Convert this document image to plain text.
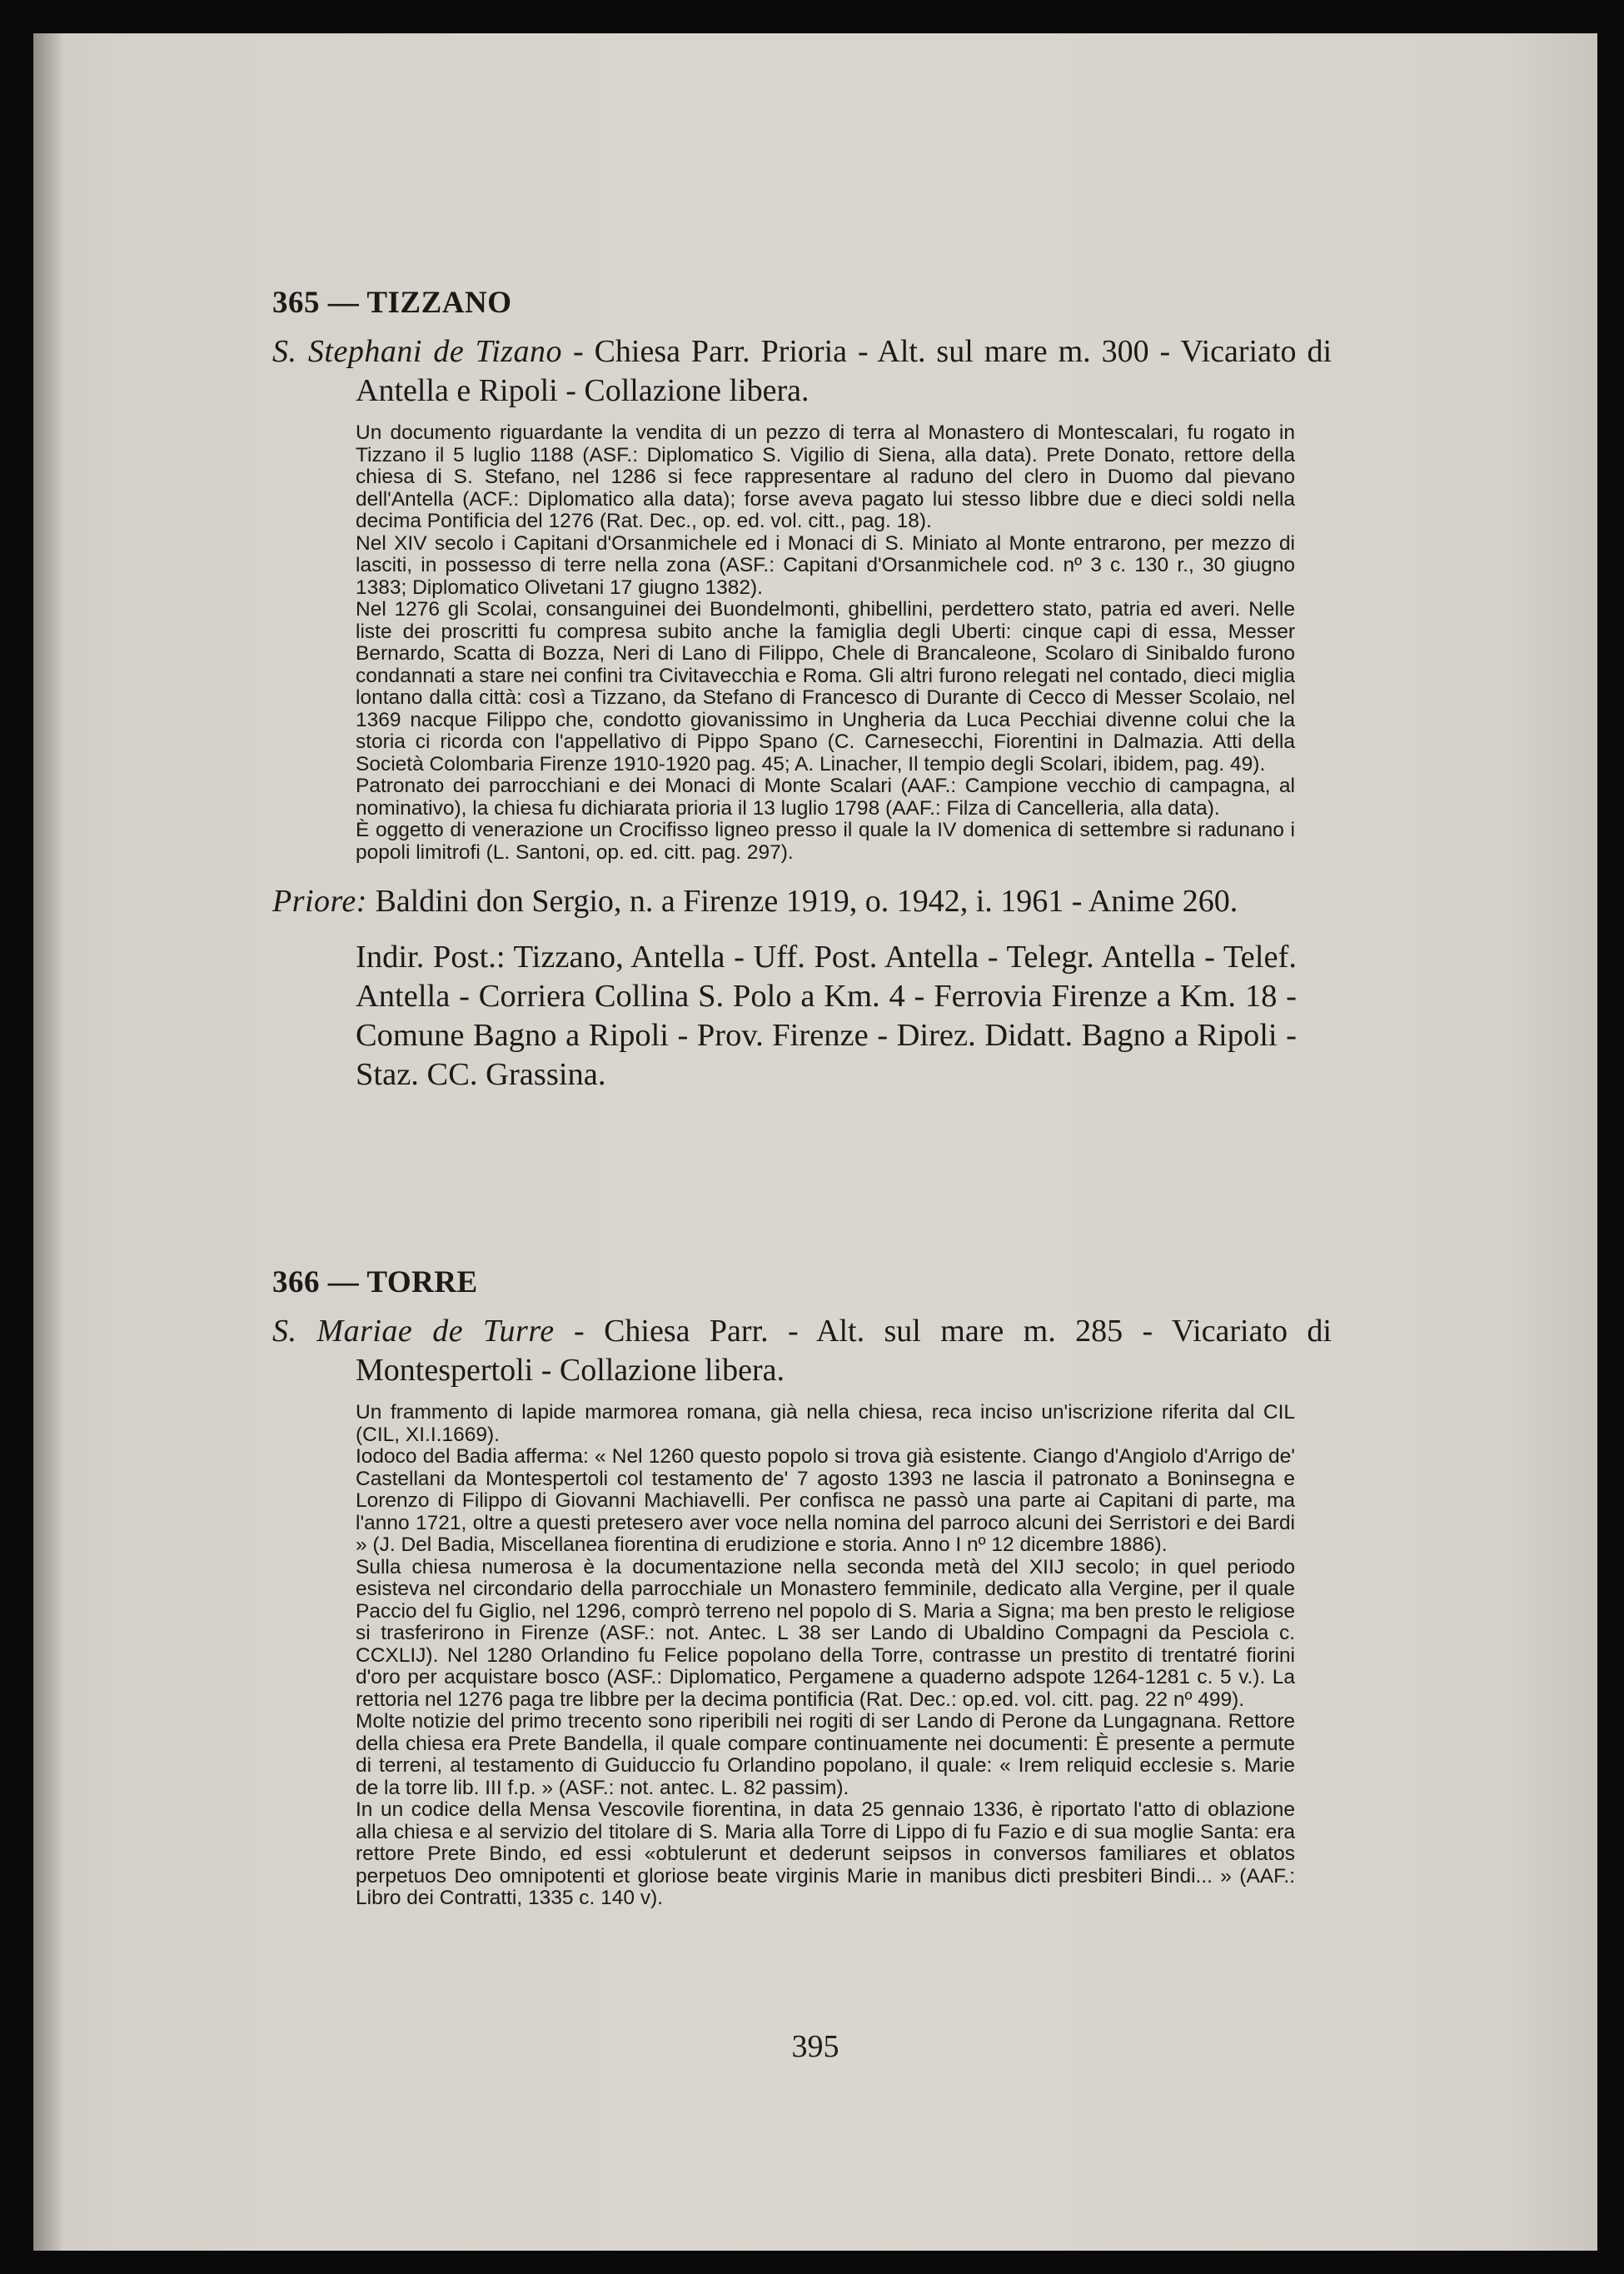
365 — TIZZANO

S. Stephani de Tizano - Chiesa Parr. Prioria - Alt. sul mare m. 300 - Vicariato di Antella e Ripoli - Collazione libera.

Un documento riguardante la vendita di un pezzo di terra al Monastero di Montescalari, fu rogato in Tizzano il 5 luglio 1188 (ASF.: Diplomatico S. Vigilio di Siena, alla data). Prete Donato, rettore della chiesa di S. Stefano, nel 1286 si fece rappresentare al raduno del clero in Duomo dal pievano dell'Antella (ACF.: Diplomatico alla data); forse aveva pagato lui stesso libbre due e dieci soldi nella decima Pontificia del 1276 (Rat. Dec., op. ed. vol. citt., pag. 18).

Nel XIV secolo i Capitani d'Orsanmichele ed i Monaci di S. Miniato al Monte entrarono, per mezzo di lasciti, in possesso di terre nella zona (ASF.: Capitani d'Orsanmichele cod. nº 3 c. 130 r., 30 giugno 1383; Diplomatico Olivetani 17 giugno 1382).

Nel 1276 gli Scolai, consanguinei dei Buondelmonti, ghibellini, perdettero stato, patria ed averi. Nelle liste dei proscritti fu compresa subito anche la famiglia degli Uberti: cinque capi di essa, Messer Bernardo, Scatta di Bozza, Neri di Lano di Filippo, Chele di Brancaleone, Scolaro di Sinibaldo furono condannati a stare nei confini tra Civitavecchia e Roma. Gli altri furono relegati nel contado, dieci miglia lontano dalla città: così a Tizzano, da Stefano di Francesco di Durante di Cecco di Messer Scolaio, nel 1369 nacque Filippo che, condotto giovanissimo in Ungheria da Luca Pecchiai divenne colui che la storia ci ricorda con l'appellativo di Pippo Spano (C. Carnesecchi, Fiorentini in Dalmazia. Atti della Società Colombaria Firenze 1910-1920 pag. 45; A. Linacher, Il tempio degli Scolari, ibidem, pag. 49).

Patronato dei parrocchiani e dei Monaci di Monte Scalari (AAF.: Campione vecchio di campagna, al nominativo), la chiesa fu dichiarata prioria il 13 luglio 1798 (AAF.: Filza di Cancelleria, alla data).

È oggetto di venerazione un Crocifisso ligneo presso il quale la IV domenica di settembre si radunano i popoli limitrofi (L. Santoni, op. ed. citt. pag. 297).

Priore: Baldini don Sergio, n. a Firenze 1919, o. 1942, i. 1961 - Anime 260.

Indir. Post.: Tizzano, Antella - Uff. Post. Antella - Telegr. Antella - Telef. Antella - Corriera Collina S. Polo a Km. 4 - Ferrovia Firenze a Km. 18 - Comune Bagno a Ripoli - Prov. Firenze - Direz. Didatt. Bagno a Ripoli - Staz. CC. Grassina.

366 — TORRE

S. Mariae de Turre - Chiesa Parr. - Alt. sul mare m. 285 - Vicariato di Montespertoli - Collazione libera.

Un frammento di lapide marmorea romana, già nella chiesa, reca inciso un'iscrizione riferita dal CIL (CIL, XI.I.1669).

Iodoco del Badia afferma: « Nel 1260 questo popolo si trova già esistente. Ciango d'Angiolo d'Arrigo de' Castellani da Montespertoli col testamento de' 7 agosto 1393 ne lascia il patronato a Boninsegna e Lorenzo di Filippo di Giovanni Machiavelli. Per confisca ne passò una parte ai Capitani di parte, ma l'anno 1721, oltre a questi pretesero aver voce nella nomina del parroco alcuni dei Serristori e dei Bardi » (J. Del Badia, Miscellanea fiorentina di erudizione e storia. Anno I nº 12 dicembre 1886).

Sulla chiesa numerosa è la documentazione nella seconda metà del XIIJ secolo; in quel periodo esisteva nel circondario della parrocchiale un Monastero femminile, dedicato alla Vergine, per il quale Paccio del fu Giglio, nel 1296, comprò terreno nel popolo di S. Maria a Signa; ma ben presto le religiose si trasferirono in Firenze (ASF.: not. Antec. L 38 ser Lando di Ubaldino Compagni da Pesciola c. CCXLIJ). Nel 1280 Orlandino fu Felice popolano della Torre, contrasse un prestito di trentatré fiorini d'oro per acquistare bosco (ASF.: Diplomatico, Pergamene a quaderno adspote 1264-1281 c. 5 v.). La rettoria nel 1276 paga tre libbre per la decima pontificia (Rat. Dec.: op.ed. vol. citt. pag. 22 nº 499).

Molte notizie del primo trecento sono riperibili nei rogiti di ser Lando di Perone da Lungagnana. Rettore della chiesa era Prete Bandella, il quale compare continuamente nei documenti: È presente a permute di terreni, al testamento di Guiduccio fu Orlandino popolano, il quale: « Irem reliquid ecclesie s. Marie de la torre lib. III f.p. » (ASF.: not. antec. L. 82 passim).

In un codice della Mensa Vescovile fiorentina, in data 25 gennaio 1336, è riportato l'atto di oblazione alla chiesa e al servizio del titolare di S. Maria alla Torre di Lippo di fu Fazio e di sua moglie Santa: era rettore Prete Bindo, ed essi «obtulerunt et dederunt seipsos in conversos familiares et oblatos perpetuos Deo omnipotenti et gloriose beate virginis Marie in manibus dicti presbiteri Bindi... » (AAF.: Libro dei Contratti, 1335 c. 140 v).

395
